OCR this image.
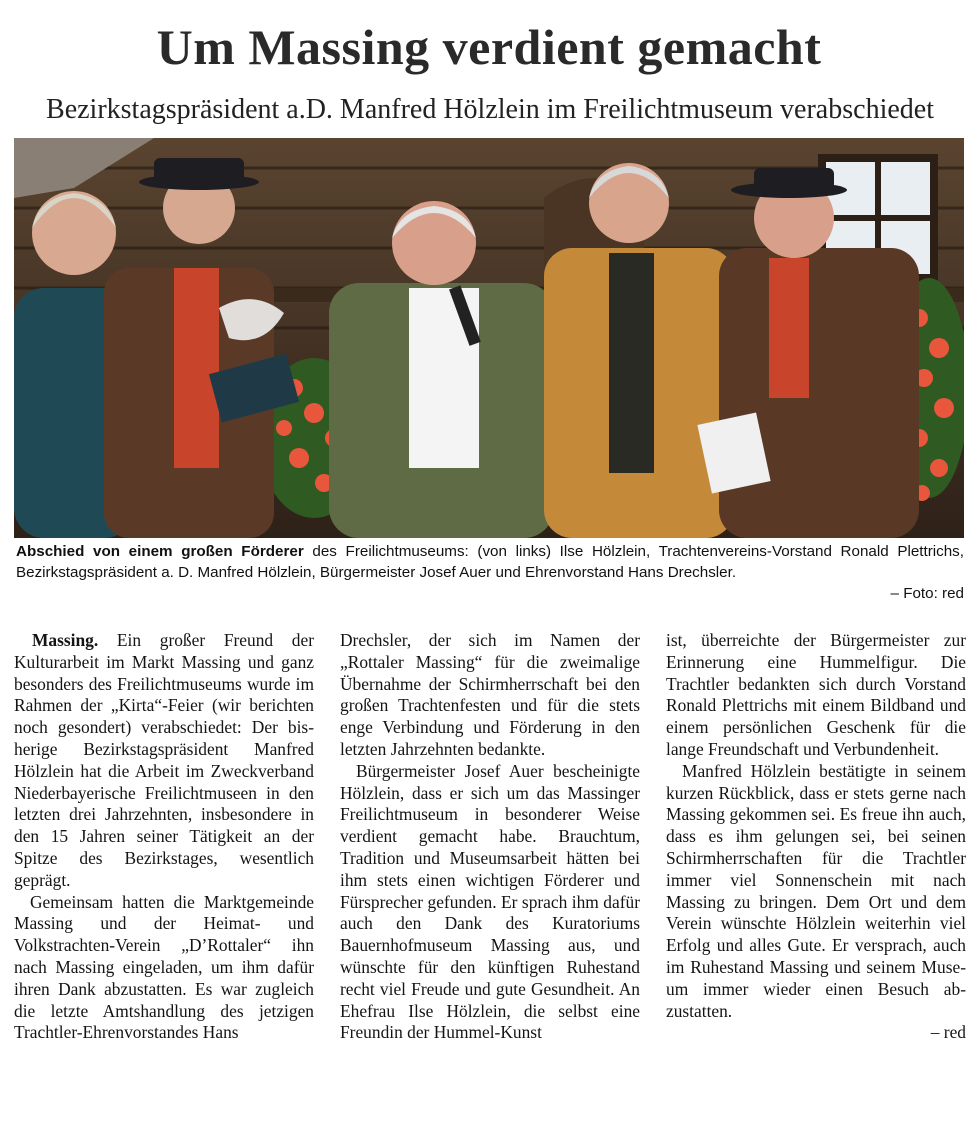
Um Massing verdient gemacht
Bezirkstagspräsident a.D. Manfred Hölzlein im Freilichtmuseum verabschiedet
Abschied von einem großen Förderer des Freilichtmuseums: (von links) Ilse Hölzlein, Trachtenvereins-Vorstand Ronald Plettrichs, Bezirkstagspräsident a. D. Manfred Hölzlein, Bürgermeister Josef Auer und Ehrenvorstand Hans Drechsler.
– Foto: red

Massing. Ein großer Freund der Kulturarbeit im Markt Massing und ganz besonders des Freilichtmuseums wurde im Rahmen der „Kirta“-Feier (wir berichten noch gesondert) verabschiedet: Der bisherige Bezirkstagspräsident Manfred Hölzlein hat die Arbeit im Zweckverband Niederbayerische Freilichtmuseen in den letzten drei Jahrzehnten, insbesondere in den 15 Jahren seiner Tätigkeit an der Spitze des Bezirkstages, wesentlich geprägt.

Gemeinsam hatten die Marktgemeinde Massing und der Heimat- und Volkstrachten-Verein „D’Rottaler“ ihn nach Massing eingeladen, um ihm dafür ihren Dank abzustatten. Es war zugleich die letzte Amtshandlung des jetzigen Trachtler-Ehrenvorstandes Hans

Drechsler, der sich im Namen der „Rottaler Massing“ für die zweimalige Übernahme der Schirmherrschaft bei den großen Trachtenfesten und für die stets enge Verbindung und Förderung in den letzten Jahrzehnten bedankte.

Bürgermeister Josef Auer bescheinigte Hölzlein, dass er sich um das Massinger Freilichtmuseum in besonderer Weise verdient gemacht habe. Brauchtum, Tradition und Museumsarbeit hätten bei ihm stets einen wichtigen Förderer und Fürsprecher gefunden. Er sprach ihm dafür auch den Dank des Kuratoriums Bauernhofmuseum Massing aus, und wünschte für den künftigen Ruhestand recht viel Freude und gute Gesundheit. An Ehefrau Ilse Hölzlein, die selbst eine Freundin der Hummel-Kunst

ist, überreichte der Bürgermeister zur Erinnerung eine Hummelfigur. Die Trachtler bedankten sich durch Vorstand Ronald Plettrichs mit einem Bildband und einem persönlichen Geschenk für die lange Freundschaft und Verbundenheit.

Manfred Hölzlein bestätigte in seinem kurzen Rückblick, dass er stets gerne nach Massing gekommen sei. Es freue ihn auch, dass es ihm gelungen sei, bei seinen Schirmherrschaften für die Trachtler immer viel Sonnenschein mit nach Massing zu bringen. Dem Ort und dem Verein wünschte Hölzlein weiterhin viel Erfolg und alles Gute. Er versprach, auch im Ruhestand Massing und seinem Museum immer wieder einen Besuch abzustatten.

– red
